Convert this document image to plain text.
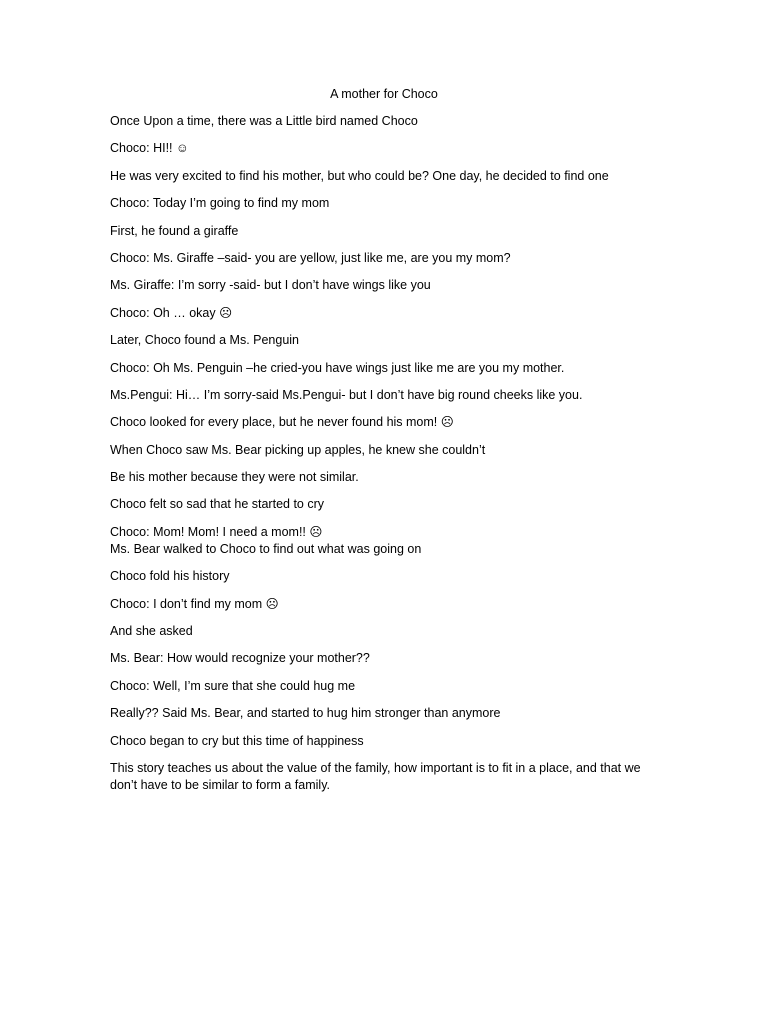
A mother for Choco

Once Upon a time, there was a Little bird named Choco

Choco: HI!! ☺

He was very excited to find his mother, but who could be? One day, he decided to find one

Choco: Today I’m going to find my mom

First, he found a giraffe

Choco: Ms. Giraffe –said- you are yellow, just like me, are you my mom?

Ms. Giraffe: I’m sorry -said- but I don’t have wings like you

Choco: Oh … okay ☹

Later, Choco found a Ms. Penguin

Choco: Oh Ms. Penguin –he cried-you have wings just like me are you my mother.

Ms.Pengui: Hi… I’m sorry-said Ms.Pengui- but I don’t have big round cheeks like you.

Choco looked for every place, but he never found his mom! ☹

When Choco saw Ms. Bear picking up apples, he knew she couldn’t

Be his mother because they were not similar.

Choco felt so sad that he started to cry

Choco: Mom! Mom! I need a mom!! ☹

Ms. Bear walked to Choco to find out what was going on

Choco fold his history

Choco: I don’t find my mom ☹

And she asked

Ms. Bear: How would recognize your mother??

Choco: Well, I’m sure that she could hug me

Really?? Said Ms. Bear, and started to hug him stronger than anymore

Choco began to cry but this time of happiness

This story teaches us about the value of the family, how important is to fit in a place, and that we don’t have to be similar to form a family.
